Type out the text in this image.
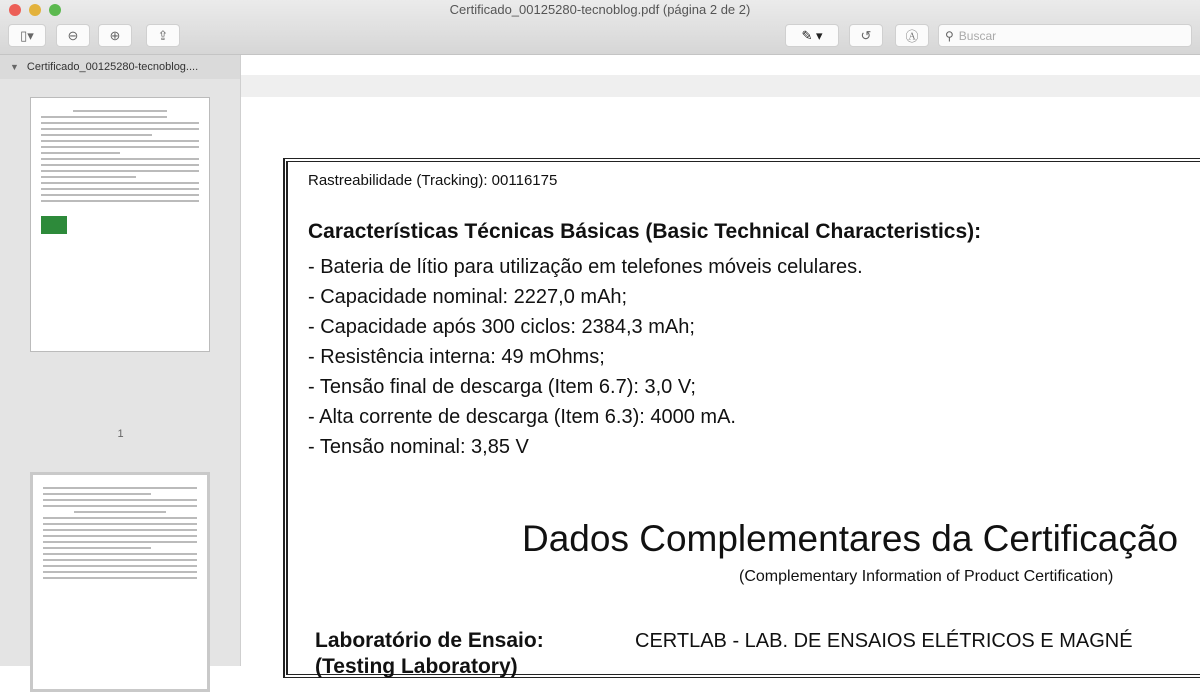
Certificado_00125280-tecnoblog.pdf (página 2 de 2)
▯▾	⊖ ⊕	⇪	✎ ▾	↺	Ⓐ ⚲ Buscar
▼ Certificado_00125280-tecnoblog....
1
Rastreabilidade (Tracking): 00116175
Características Técnicas Básicas (Basic Technical Characteristics):
- Bateria de lítio para utilização em telefones móveis celulares.
- Capacidade nominal: 2227,0 mAh;
- Capacidade após 300 ciclos: 2384,3 mAh;
- Resistência interna: 49 mOhms;
- Tensão final de descarga (Item 6.7): 3,0 V;
- Alta corrente de descarga (Item 6.3): 4000 mA.
- Tensão nominal: 3,85 V
Dados Complementares da Certificação
(Complementary Information of Product Certification)
Laboratório de Ensaio:
(Testing Laboratory)
CERTLAB - LAB. DE ENSAIOS ELÉTRICOS E MAGNÉ
